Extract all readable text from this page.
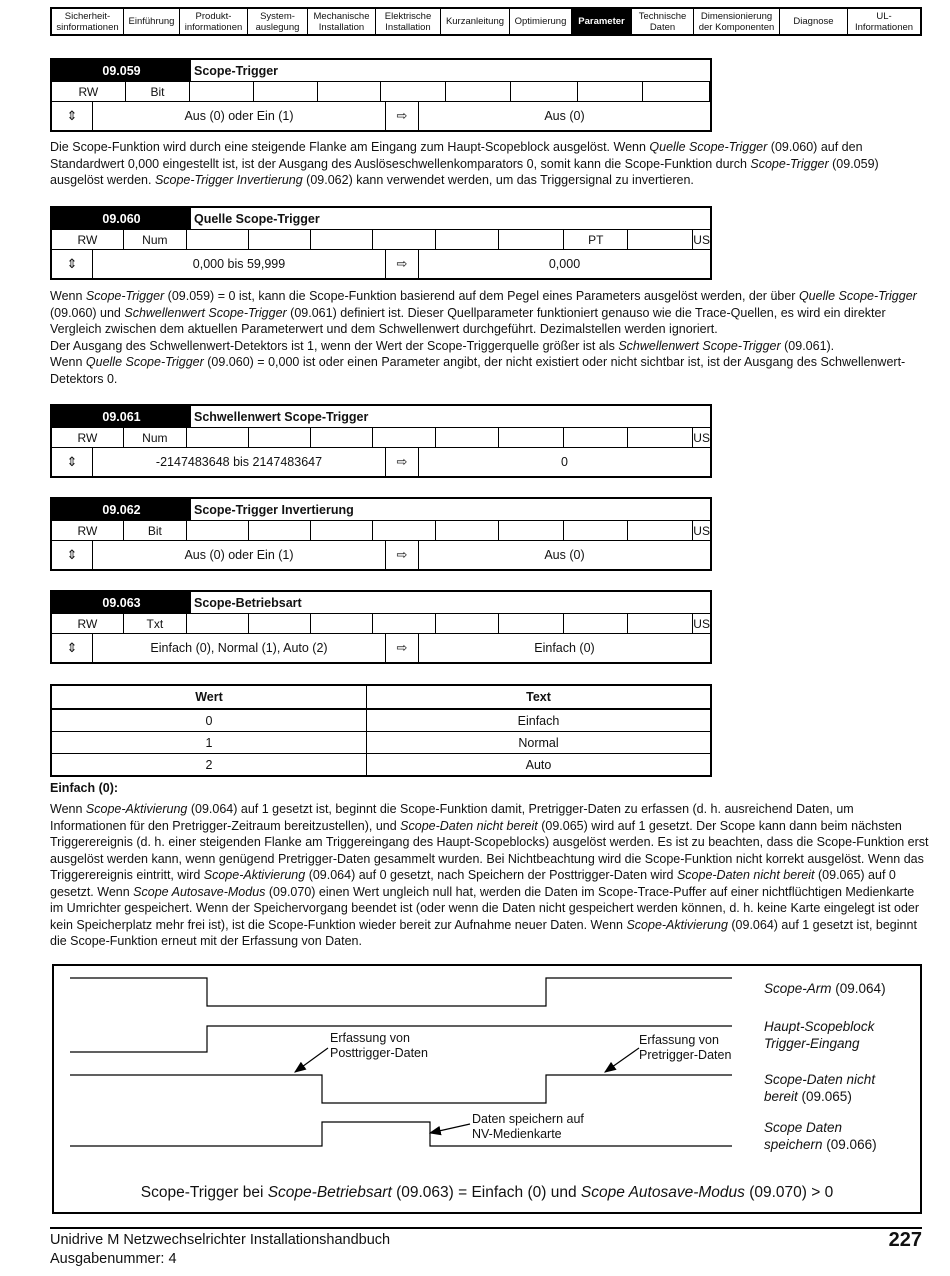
Sicherheit-sinformationen	Einführung	Produkt-informationen
System-auslegung
Mechanische Installation
Elektrische Installation	Kurzanleitung	Optimierung	Parameter	Technische Daten
Dimensionierung der Komponenten	Diagnose	UL-Informationen
09.059	Scope-Trigger
RW	Bit
⇕	Aus (0) oder Ein (1)	⇨	Aus (0)

Die Scope-Funktion wird durch eine steigende Flanke am Eingang zum Haupt-Scopeblock ausgelöst. Wenn Quelle Scope-Trigger (09.060) auf den Standardwert 0,000 eingestellt ist, ist der Ausgang des Auslöseschwellenkomparators 0, somit kann die Scope-Funktion durch Scope-Trigger (09.059) ausgelöst werden. Scope-Trigger Invertierung (09.062) kann verwendet werden, um das Triggersignal zu invertieren.

09.060	Quelle Scope-Trigger
RW	Num	PT	US
⇕	0,000 bis 59,999	⇨	0,000

Wenn Scope-Trigger (09.059) = 0 ist, kann die Scope-Funktion basierend auf dem Pegel eines Parameters ausgelöst werden, der über Quelle Scope-Trigger (09.060) und Schwellenwert Scope-Trigger (09.061) definiert ist. Dieser Quellparameter funktioniert genauso wie die Trace-Quellen, es wird ein direkter Vergleich zwischen dem aktuellen Parameterwert und dem Schwellenwert durchgeführt. Dezimalstellen werden ignoriert.

Der Ausgang des Schwellenwert-Detektors ist 1, wenn der Wert der Scope-Triggerquelle größer ist als Schwellenwert Scope-Trigger (09.061).

Wenn Quelle Scope-Trigger (09.060) = 0,000 ist oder einen Parameter angibt, der nicht existiert oder nicht sichtbar ist, ist der Ausgang des Schwellenwert-Detektors 0.

09.061	Schwellenwert Scope-Trigger
RW	Num	US
⇕	-2147483648 bis 2147483647	⇨	0
09.062	Scope-Trigger Invertierung
RW	Bit	US
⇕	Aus (0) oder Ein (1)	⇨	Aus (0)
09.063	Scope-Betriebsart
RW	Txt	US
⇕	Einfach (0), Normal (1), Auto (2)	⇨	Einfach (0)
Wert	Text
0	Einfach
1	Normal
2	Auto

Einfach (0):

Wenn Scope-Aktivierung (09.064) auf 1 gesetzt ist, beginnt die Scope-Funktion damit, Pretrigger-Daten zu erfassen (d. h. ausreichend Daten, um Informationen für den Pretrigger-Zeitraum bereitzustellen), und Scope-Daten nicht bereit (09.065) wird auf 1 gesetzt. Der Scope kann dann beim nächsten Triggerereignis (d. h. einer steigenden Flanke am Triggereingang des Haupt-Scopeblocks) ausgelöst werden. Es ist zu beachten, dass die Scope-Funktion erst ausgelöst werden kann, wenn genügend Pretrigger-Daten gesammelt wurden. Bei Nichtbeachtung wird die Scope-Funktion nicht korrekt ausgelöst. Wenn das Triggerereignis eintritt, wird Scope-Aktivierung (09.064) auf 0 gesetzt, nach Speichern der Posttrigger-Daten wird Scope-Daten nicht bereit (09.065) auf 0 gesetzt. Wenn Scope Autosave-Modus (09.070) einen Wert ungleich null hat, werden die Daten im Scope-Trace-Puffer auf einer nichtflüchtigen Medienkarte im Umrichter gespeichert. Wenn der Speichervorgang beendet ist (oder wenn die Daten nicht gespeichert werden können, d. h. keine Karte eingelegt ist oder kein Speicherplatz mehr frei ist), ist die Scope-Funktion wieder bereit zur Aufnahme neuer Daten. Wenn Scope-Aktivierung (09.064) auf 1 gesetzt ist, beginnt die Scope-Funktion erneut mit der Erfassung von Daten.

Scope-Arm (09.064)
Haupt-Scopeblock
Trigger-Eingang
Scope-Daten nicht
bereit (09.065)
Scope Daten
speichern (09.066)
Erfassung von
Posttrigger-Daten
Erfassung von
Pretrigger-Daten
Daten speichern auf
NV-Medienkarte
Scope-Trigger bei Scope-Betriebsart (09.063) = Einfach (0) und Scope Autosave-Modus (09.070) > 0
Unidrive M Netzwechselrichter Installationshandbuch
Ausgabenummer: 4
227
